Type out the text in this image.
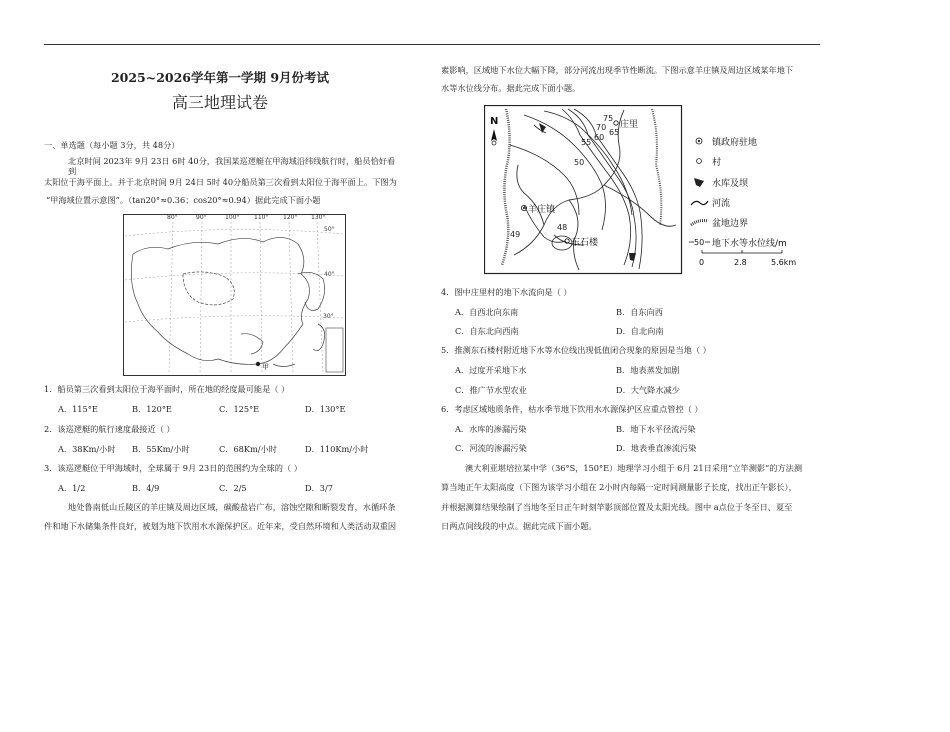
2025~2026学年第一学期 9月份考试
高三地理试卷
一、单选题（每小题 3分，共 48分）
北京时间 2023年 9月 23日 6时 40分，我国某巡逻艇在甲海域沿纬线航行时，船员恰好看
到
太阳位于海平面上。并于北京时间 9月 24日 5时 40分船员第三次看到太阳位于海平面上。下图为
“甲海域位置示意图”。（tan20°≈0.36；cos20°≈0.94）据此完成下面小题
80°	90°	100° 110° 120° 130°
50°
40°
30°
甲
1．船员第三次看到太阳位于海平面时，所在地的经度最可能是（ ）
A．115°E	B．120°E	C．125°E	D．130°E
2．该巡逻艇的航行速度最接近（ ）
A．38Km/小时 B．55Km/小时	C．68Km/小时	D．110Km/小时
3．该巡逻艇位于甲海域时，全球属于 9月 23日的范围约为全球的（ ）
A．1/2	B．4/9	C．2/5	D．3/7
地处鲁南低山丘陵区的羊庄镇及周边区域，碳酸盐岩广布，溶蚀空隙和断裂发育，水循环条
件和地下水储集条件良好，被划为地下饮用水水源保护区。近年来，受自然环境和人类活动双重因
素影响，区域地下水位大幅下降，部分河流出现季节性断流。下图示意羊庄镇及周边区域某年地下
水等水位线分布。据此完成下面小题。
N	75
70
65
60
55
50
48
49
庄里
羊庄镇
东石楼
镇政府驻地
村
水库及坝
河流
盆地边界
50 地下水等水位线/m
0	2.8	5.6km
4．图中庄里村的地下水流向是（ ）
A．自西北向东南	B．自东向西
C．自东北向西南	D．自北向南
5．推测东石楼村附近地下水等水位线出现低值闭合现象的原因是当地（ ）
A．过度开采地下水	B．地表蒸发加剧
C．推广节水型农业	D．大气降水减少
6．考虑区域地质条件，枯水季节地下饮用水水源保护区应重点管控（ ）
A．水库的渗漏污染	B．地下水平径流污染
C．河流的渗漏污染	D．地表垂直渗流污染
澳大利亚堪培拉某中学（36°S，150°E）地理学习小组于 6月 21日采用“立竿测影”的方法测
算当地正午太阳高度（下图为该学习小组在 2小时内每隔一定时间测量影子长度，找出正午影长），
并根据测算结果绘制了当地冬至日正午时刻竿影顶部位置及太阳光线。图中 a点位于冬至日、夏至
日两点间线段的中点。据此完成下面小题。
